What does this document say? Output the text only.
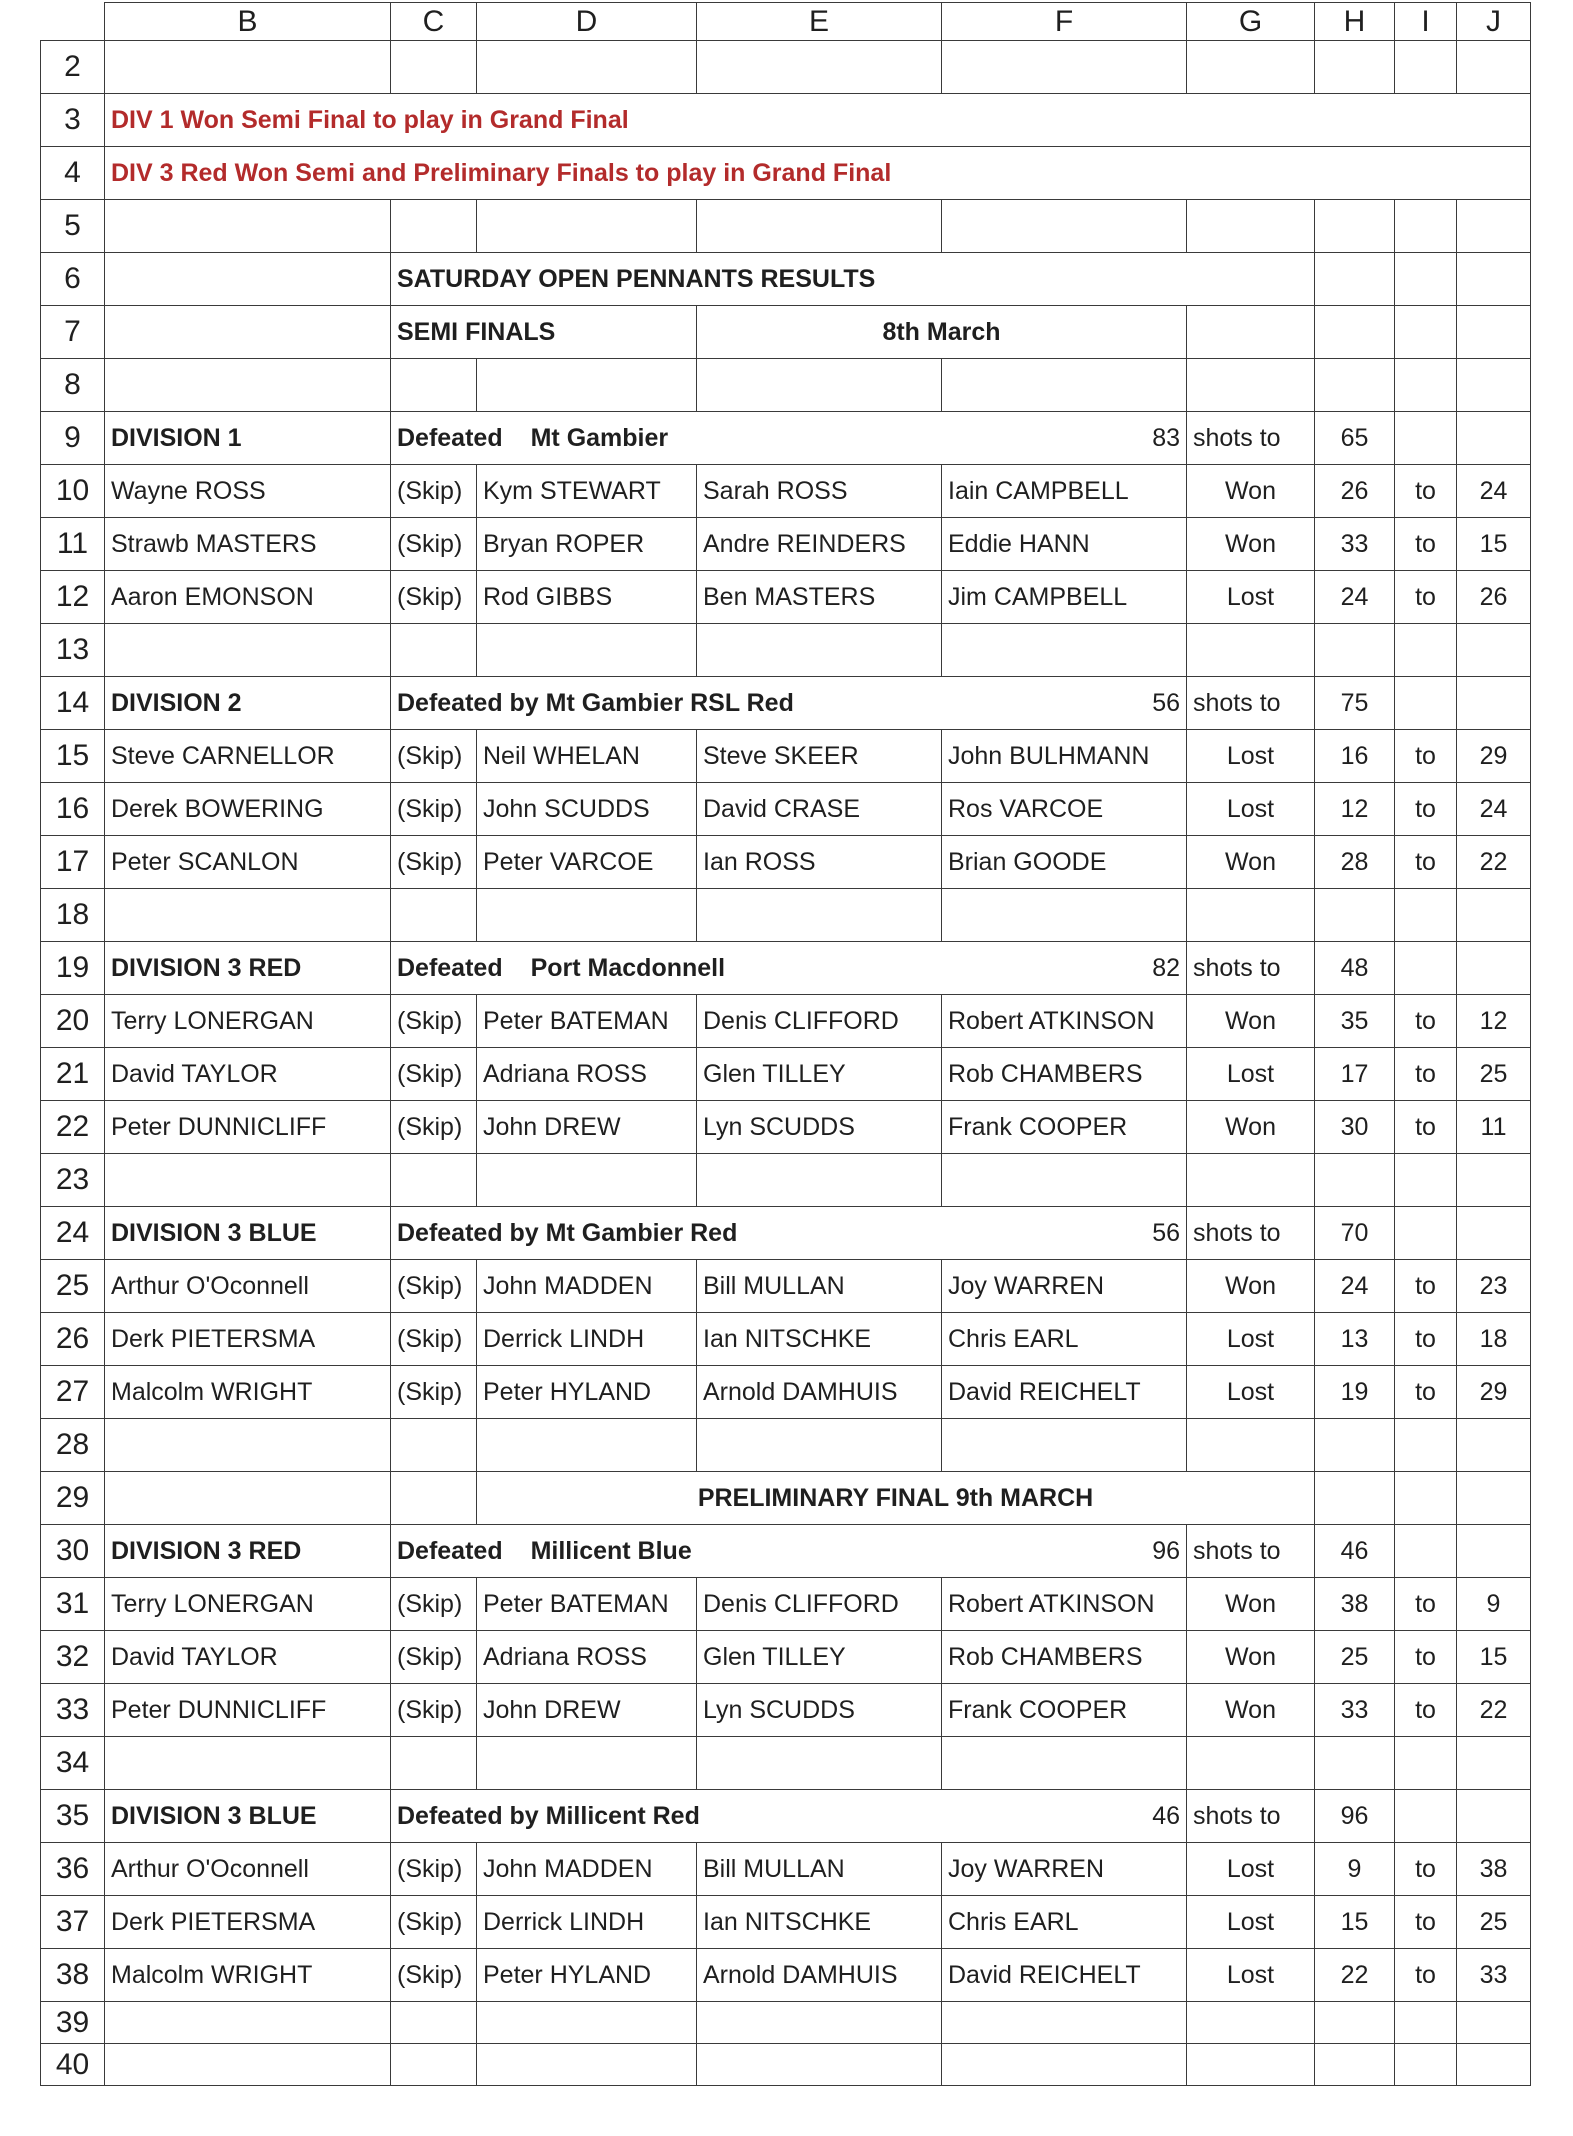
	B	C	D	E	F	G	H	I	J
2									
3	DIV 1 Won Semi Final to play in Grand Final								
4	DIV 3 Red Won Semi and Preliminary Finals to play in Grand Final								
5									
6		SATURDAY OPEN PENNANTS RESULTS							
7		SEMI FINALS		8th March					
8									
9	DIVISION 1	Defeated Mt Gambier			83	shots to	65		
10	Wayne ROSS	(Skip)	Kym STEWART	Sarah ROSS	Iain CAMPBELL	Won	26	to	24
11	Strawb MASTERS	(Skip)	Bryan ROPER	Andre REINDERS	Eddie HANN	Won	33	to	15
12	Aaron EMONSON	(Skip)	Rod GIBBS	Ben MASTERS	Jim CAMPBELL	Lost	24	to	26
13									
14	DIVISION 2	Defeated by Mt Gambier RSL Red			56	shots to	75		
15	Steve CARNELLOR	(Skip)	Neil WHELAN	Steve SKEER	John BULHMANN	Lost	16	to	29
16	Derek BOWERING	(Skip)	John SCUDDS	David CRASE	Ros VARCOE	Lost	12	to	24
17	Peter SCANLON	(Skip)	Peter VARCOE	Ian ROSS	Brian GOODE	Won	28	to	22
18									
19	DIVISION 3 RED	Defeated Port Macdonnell			82	shots to	48		
20	Terry LONERGAN	(Skip)	Peter BATEMAN	Denis CLIFFORD	Robert ATKINSON	Won	35	to	12
21	David TAYLOR	(Skip)	Adriana ROSS	Glen TILLEY	Rob CHAMBERS	Lost	17	to	25
22	Peter DUNNICLIFF	(Skip)	John DREW	Lyn SCUDDS	Frank COOPER	Won	30	to	11
23									
24	DIVISION 3 BLUE	Defeated by Mt Gambier Red			56	shots to	70		
25	Arthur O'Oconnell	(Skip)	John MADDEN	Bill MULLAN	Joy WARREN	Won	24	to	23
26	Derk PIETERSMA	(Skip)	Derrick LINDH	Ian NITSCHKE	Chris EARL	Lost	13	to	18
27	Malcolm WRIGHT	(Skip)	Peter HYLAND	Arnold DAMHUIS	David REICHELT	Lost	19	to	29
28									
29			PRELIMINARY FINAL 9th MARCH						
30	DIVISION 3 RED	Defeated Millicent Blue			96	shots to	46		
31	Terry LONERGAN	(Skip)	Peter BATEMAN	Denis CLIFFORD	Robert ATKINSON	Won	38	to	9
32	David TAYLOR	(Skip)	Adriana ROSS	Glen TILLEY	Rob CHAMBERS	Won	25	to	15
33	Peter DUNNICLIFF	(Skip)	John DREW	Lyn SCUDDS	Frank COOPER	Won	33	to	22
34									
35	DIVISION 3 BLUE	Defeated by Millicent Red			46	shots to	96		
36	Arthur O'Oconnell	(Skip)	John MADDEN	Bill MULLAN	Joy WARREN	Lost	9	to	38
37	Derk PIETERSMA	(Skip)	Derrick LINDH	Ian NITSCHKE	Chris EARL	Lost	15	to	25
38	Malcolm WRIGHT	(Skip)	Peter HYLAND	Arnold DAMHUIS	David REICHELT	Lost	22	to	33
39									
40									
